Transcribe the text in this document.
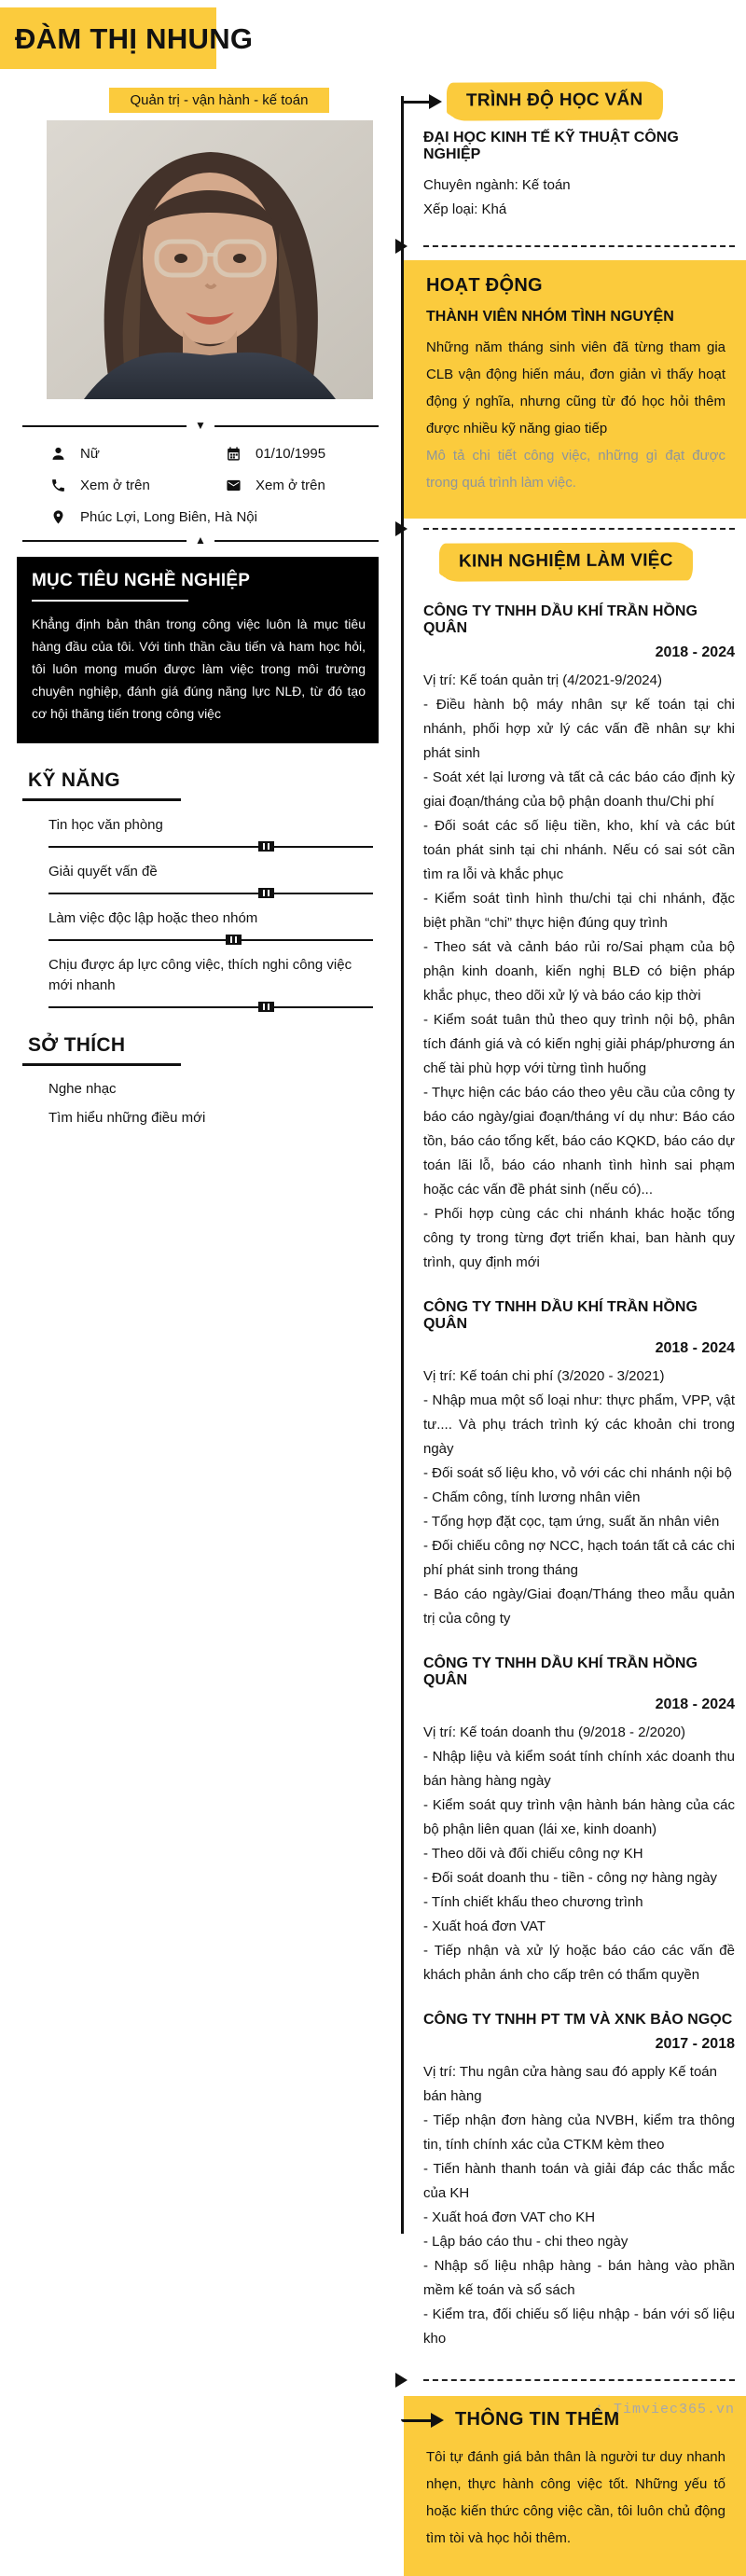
ĐÀM THỊ NHUNG
Quản trị - vận hành - kế toán
▼
Nữ	01/10/1995
Xem ở trên	Xem ở trên
Phúc Lợi, Long Biên, Hà Nội
▲
MỤC TIÊU NGHỀ NGHIỆP
Khẳng định bản thân trong công việc luôn là mục tiêu hàng đầu của tôi. Với tinh thần cầu tiến và ham học hỏi, tôi luôn mong muốn được làm việc trong môi trường chuyên nghiệp, đánh giá đúng năng lực NLĐ, từ đó tạo cơ hội thăng tiến trong công việc
KỸ NĂNG
Tin học văn phòng
Giải quyết vấn đề
Làm việc độc lập hoặc theo nhóm
Chịu được áp lực công việc, thích nghi công việc mới nhanh
SỞ THÍCH
Nghe nhạc
Tìm hiểu những điều mới
TRÌNH ĐỘ HỌC VẤN
ĐẠI HỌC KINH TẾ KỸ THUẬT CÔNG NGHIỆP
Chuyên ngành: Kế toán
Xếp loại: Khá
HOẠT ĐỘNG
THÀNH VIÊN NHÓM TÌNH NGUYỆN
Những năm tháng sinh viên đã từng tham gia CLB vận động hiến máu, đơn giản vì thấy hoạt động ý nghĩa, nhưng cũng từ đó học hỏi thêm được nhiều kỹ năng giao tiếp
Mô tả chi tiết công việc, những gì đạt được trong quá trình làm việc.
KINH NGHIỆM LÀM VIỆC
CÔNG TY TNHH DẦU KHÍ TRẦN HỒNG QUÂN
2018 - 2024
Vị trí: Kế toán quản trị (4/2021-9/2024)

- Điều hành bộ máy nhân sự kế toán tại chi nhánh, phối hợp xử lý các vấn đề nhân sự khi phát sinh

- Soát xét lại lương và tất cả các báo cáo định kỳ giai đoạn/tháng của bộ phận doanh thu/Chi phí

- Đối soát các số liệu tiền, kho, khí và các bút toán phát sinh tại chi nhánh. Nếu có sai sót cần tìm ra lỗi và khắc phục

- Kiểm soát tình hình thu/chi tại chi nhánh, đặc biệt phần “chi” thực hiện đúng quy trình

- Theo sát và cảnh báo rủi ro/Sai phạm của bộ phận kinh doanh, kiến nghị BLĐ có biện pháp khắc phục, theo dõi xử lý và báo cáo kịp thời

- Kiểm soát tuân thủ theo quy trình nội bộ, phân tích đánh giá và có kiến nghị giải pháp/phương án chế tài phù hợp với từng tình huống

- Thực hiện các báo cáo theo yêu cầu của công ty báo cáo ngày/giai đoạn/tháng ví dụ như: Báo cáo tồn, báo cáo tổng kết, báo cáo KQKD, báo cáo dự toán lãi lỗ, báo cáo nhanh tình hình sai phạm hoặc các vấn đề phát sinh (nếu có)...

- Phối hợp cùng các chi nhánh khác hoặc tổng công ty trong từng đợt triển khai, ban hành quy trình, quy định mới

CÔNG TY TNHH DẦU KHÍ TRẦN HỒNG QUÂN
2018 - 2024
Vị trí: Kế toán chi phí (3/2020 - 3/2021)

- Nhập mua một số loại như: thực phẩm, VPP, vật tư.... Và phụ trách trình ký các khoản chi trong ngày

- Đối soát số liệu kho, vỏ với các chi nhánh nội bộ

- Chấm công, tính lương nhân viên

- Tổng hợp đặt cọc, tạm ứng, suất ăn nhân viên

- Đối chiếu công nợ NCC, hạch toán tất cả các chi phí phát sinh trong tháng

- Báo cáo ngày/Giai đoạn/Tháng theo mẫu quản trị của công ty

CÔNG TY TNHH DẦU KHÍ TRẦN HỒNG QUÂN
2018 - 2024
Vị trí: Kế toán doanh thu (9/2018 - 2/2020)

- Nhập liệu và kiểm soát tính chính xác doanh thu bán hàng hàng ngày

- Kiểm soát quy trình vận hành bán hàng của các bộ phận liên quan (lái xe, kinh doanh)

- Theo dõi và đối chiếu công nợ KH

- Đối soát doanh thu - tiền - công nợ hàng ngày

- Tính chiết khấu theo chương trình

- Xuất hoá đơn VAT

- Tiếp nhận và xử lý hoặc báo cáo các vấn đề khách phản ánh cho cấp trên có thẩm quyền

CÔNG TY TNHH PT TM VÀ XNK BẢO NGỌC
2017 - 2018
Vị trí: Thu ngân cửa hàng sau đó apply Kế toán bán hàng

- Tiếp nhận đơn hàng của NVBH, kiểm tra thông tin, tính chính xác của CTKM kèm theo

- Tiến hành thanh toán và giải đáp các thắc mắc của KH

- Xuất hoá đơn VAT cho KH

- Lập báo cáo thu - chi theo ngày

- Nhập số liệu nhập hàng - bán hàng vào phần mềm kế toán và sổ sách

- Kiểm tra, đối chiếu số liệu nhập - bán với số liệu kho

THÔNG TIN THÊM
Tôi tự đánh giá bản thân là người tư duy nhanh nhẹn, thực hành công việc tốt. Những yếu tố hoặc kiến thức công việc cần, tôi luôn chủ động tìm tòi và học hỏi thêm.
∴ Timviec365.vn
